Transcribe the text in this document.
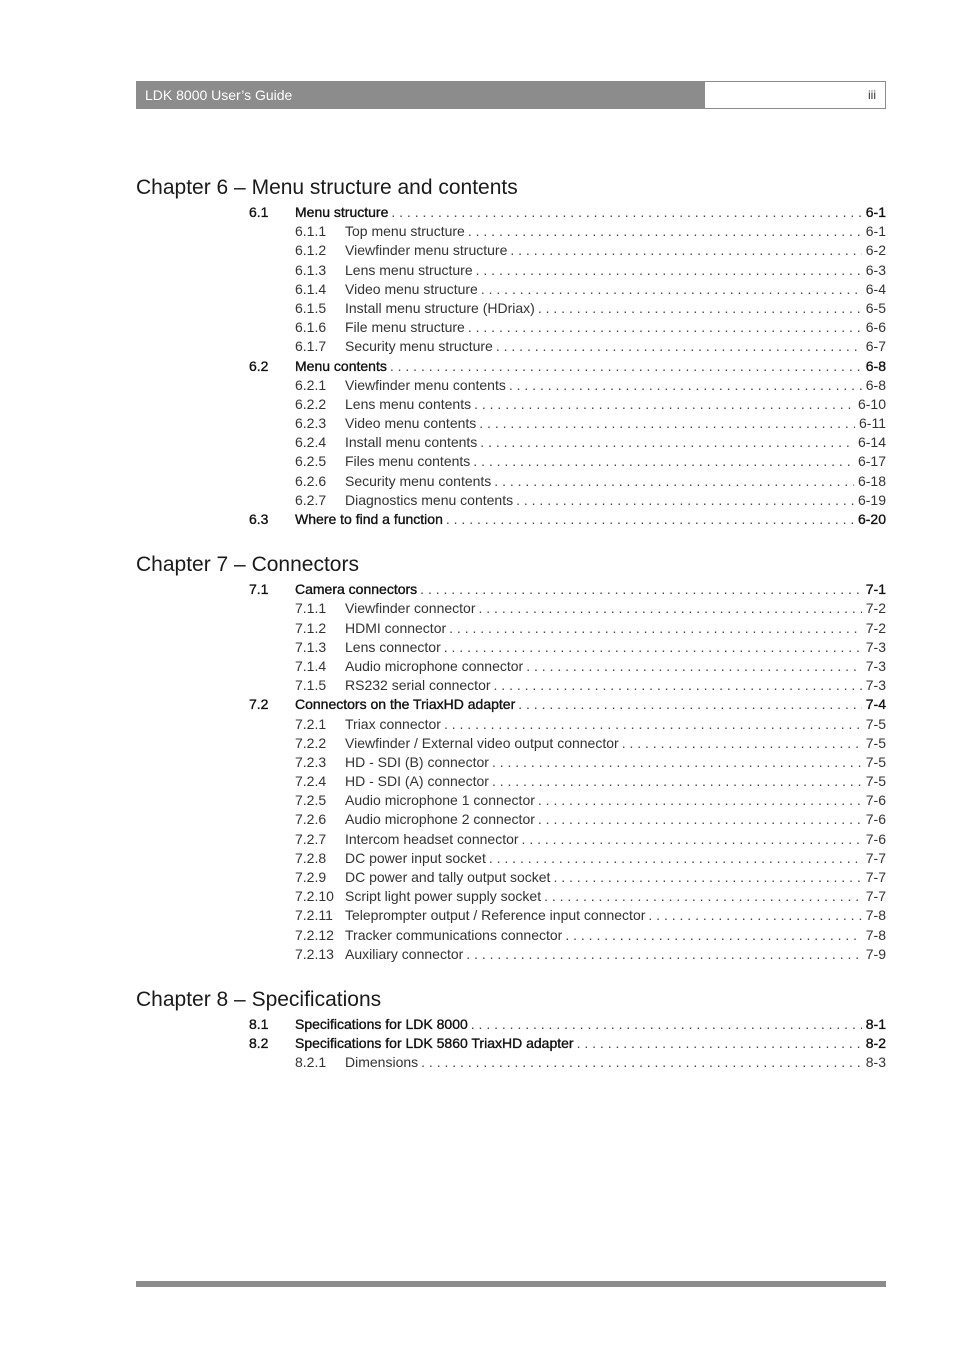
LDK 8000 User’s Guide	iii
Chapter 6 – Menu structure and contents
6.1 Menu structure . . .	6-1
6.1.1 Top menu structure . . .	6-1
6.1.2 Viewfinder menu structure . . .	6-2
6.1.3 Lens menu structure . . .	6-3
6.1.4 Video menu structure . . .	6-4
6.1.5 Install menu structure (HDriax) . . .	6-5
6.1.6 File menu structure . . .	6-6
6.1.7 Security menu structure . . .	6-7
6.2 Menu contents . . .	6-8
6.2.1 Viewfinder menu contents . . .	6-8
6.2.2 Lens menu contents . . .	6-10
6.2.3 Video menu contents . . .	6-11
6.2.4 Install menu contents . . .	6-14
6.2.5 Files menu contents . . .	6-17
6.2.6 Security menu contents . . .	6-18
6.2.7 Diagnostics menu contents . . .	6-19
6.3 Where to find a function . . .	6-20
Chapter 7 – Connectors
7.1 Camera connectors . . .	7-1
7.1.1 Viewfinder connector . . .	7-2
7.1.2 HDMI connector . . .	7-2
7.1.3 Lens connector . . .	7-3
7.1.4 Audio microphone connector . . .	7-3
7.1.5 RS232 serial connector . . .	7-3
7.2 Connectors on the TriaxHD adapter . . .	7-4
7.2.1 Triax connector . . .	7-5
7.2.2 Viewfinder / External video output connector . . .	7-5
7.2.3 HD - SDI (B) connector . . .	7-5
7.2.4 HD - SDI (A) connector . . .	7-5
7.2.5 Audio microphone 1 connector . . .	7-6
7.2.6 Audio microphone 2 connector . . .	7-6
7.2.7 Intercom headset connector . . .	7-6
7.2.8 DC power input socket . . .	7-7
7.2.9 DC power and tally output socket . . .	7-7
7.2.10 Script light power supply socket . . .	7-7
7.2.11 Teleprompter output / Reference input connector . . .	7-8
7.2.12 Tracker communications connector . . .	7-8
7.2.13 Auxiliary connector . . .	7-9
Chapter 8 – Specifications
8.1 Specifications for LDK 8000 . . .	8-1
8.2 Specifications for LDK 5860 TriaxHD adapter . . .	8-2
8.2.1 Dimensions . . .	8-3
